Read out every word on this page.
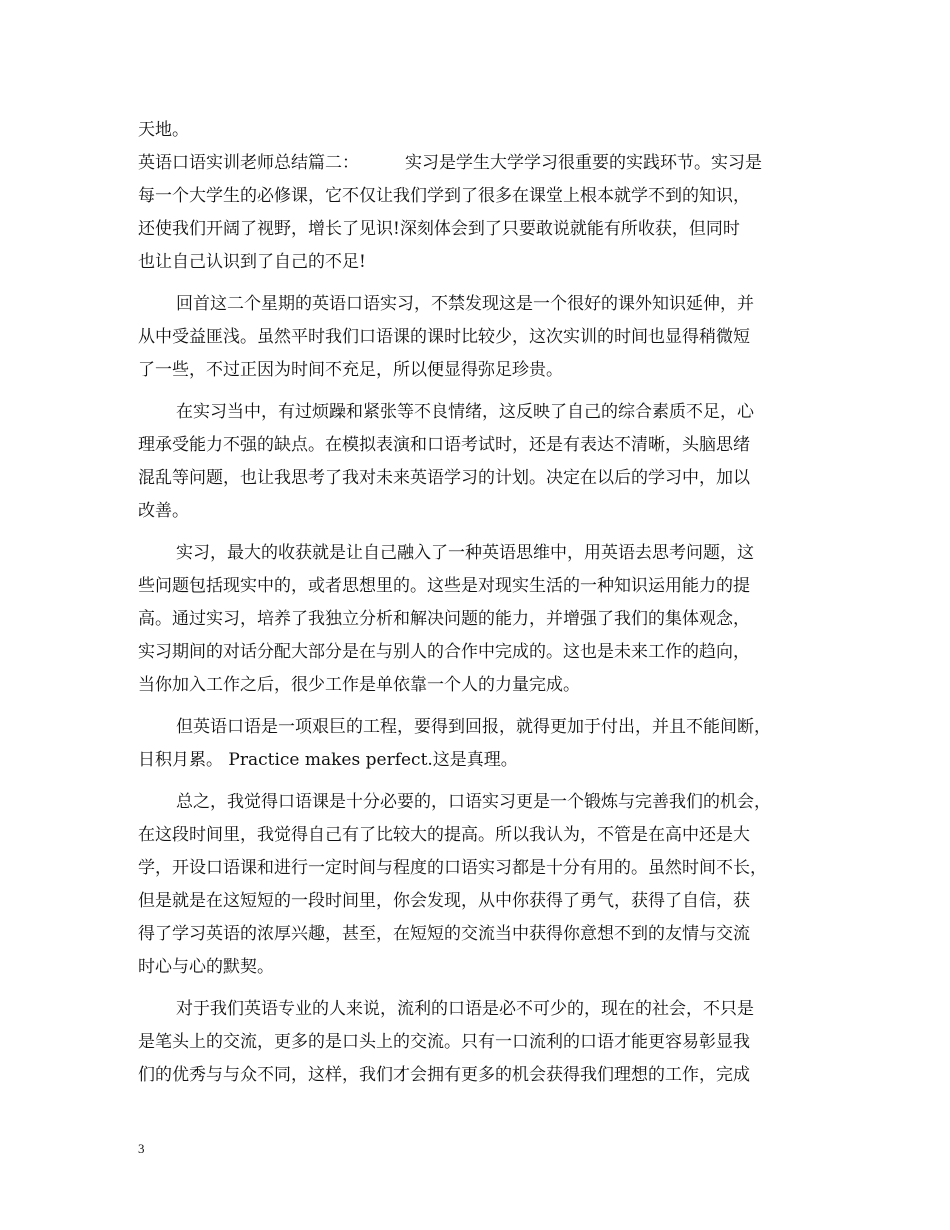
天地。
英语口语实训老师总结篇二：	实习是学生大学学习很重要的实践环节。实习是
每一个大学生的必修课，它不仅让我们学到了很多在课堂上根本就学不到的知识，
还使我们开阔了视野，增长了见识!深刻体会到了只要敢说就能有所收获，但同时
也让自己认识到了自己的不足!
回首这二个星期的英语口语实习，不禁发现这是一个很好的课外知识延伸，并
从中受益匪浅。虽然平时我们口语课的课时比较少，这次实训的时间也显得稍微短
了一些，不过正因为时间不充足，所以便显得弥足珍贵。
在实习当中，有过烦躁和紧张等不良情绪，这反映了自己的综合素质不足，心
理承受能力不强的缺点。在模拟表演和口语考试时，还是有表达不清晰，头脑思绪
混乱等问题，也让我思考了我对未来英语学习的计划。决定在以后的学习中，加以
改善。
实习，最大的收获就是让自己融入了一种英语思维中，用英语去思考问题，这
些问题包括现实中的，或者思想里的。这些是对现实生活的一种知识运用能力的提
高。通过实习，培养了我独立分析和解决问题的能力，并增强了我们的集体观念，
实习期间的对话分配大部分是在与别人的合作中完成的。这也是未来工作的趋向，
当你加入工作之后，很少工作是单依靠一个人的力量完成。
但英语口语是一项艰巨的工程，要得到回报，就得更加于付出，并且不能间断，
日积月累。 Practice makes perfect.这是真理。
总之，我觉得口语课是十分必要的，口语实习更是一个锻炼与完善我们的机会，
在这段时间里，我觉得自己有了比较大的提高。所以我认为，不管是在高中还是大
学，开设口语课和进行一定时间与程度的口语实习都是十分有用的。虽然时间不长，
但是就是在这短短的一段时间里，你会发现，从中你获得了勇气，获得了自信，获
得了学习英语的浓厚兴趣，甚至，在短短的交流当中获得你意想不到的友情与交流
时心与心的默契。
对于我们英语专业的人来说，流利的口语是必不可少的，现在的社会，不只是
是笔头上的交流，更多的是口头上的交流。只有一口流利的口语才能更容易彰显我
们的优秀与与众不同，这样，我们才会拥有更多的机会获得我们理想的工作，完成
3
